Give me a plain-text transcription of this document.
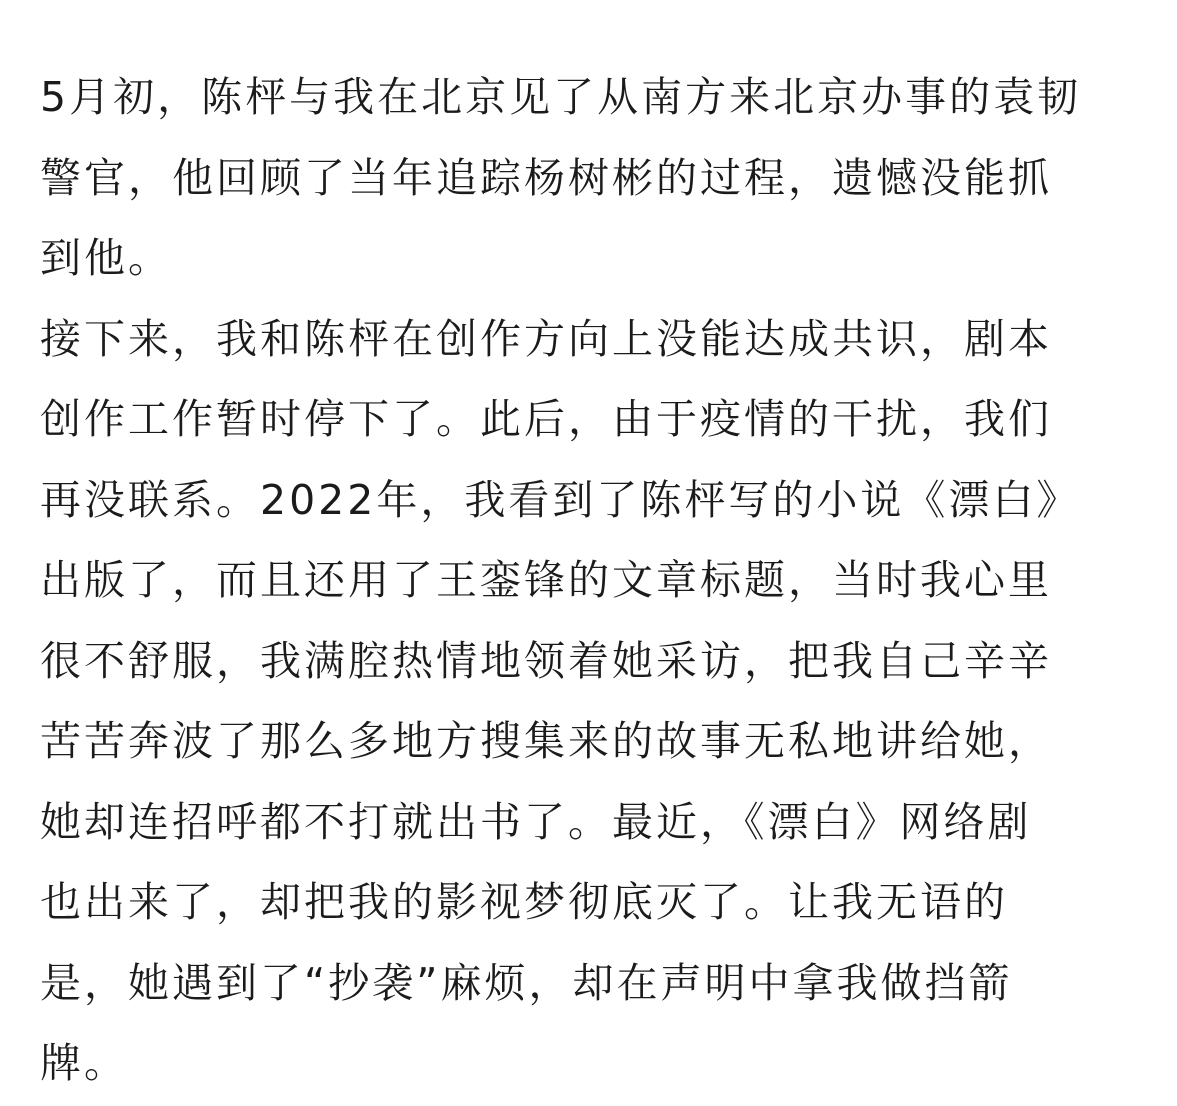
5月初，陈枰与我在北京见了从南方来北京办事的袁韧
警官，他回顾了当年追踪杨树彬的过程，遗憾没能抓
到他。
接下来，我和陈枰在创作方向上没能达成共识，剧本
创作工作暂时停下了。此后，由于疫情的干扰，我们
再没联系。2022年，我看到了陈枰写的小说《漂白》
出版了，而且还用了王銮锋的文章标题，当时我心里
很不舒服，我满腔热情地领着她采访，把我自己辛辛
苦苦奔波了那么多地方搜集来的故事无私地讲给她，
她却连招呼都不打就出书了。最近，《漂白》网络剧
也出来了，却把我的影视梦彻底灭了。让我无语的
是，她遇到了“抄袭”麻烦，却在声明中拿我做挡箭
牌。
